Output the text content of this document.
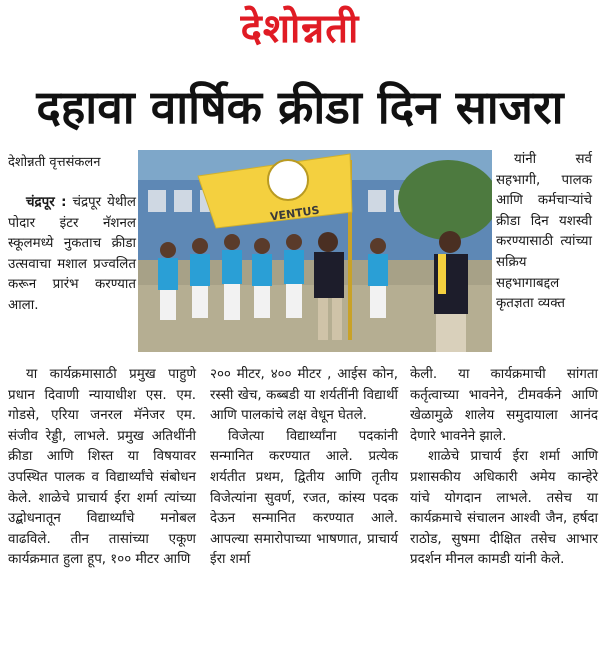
देशोन्नती
दहावा वार्षिक क्रीडा दिन साजरा
देशोन्नती वृत्तसंकलन

चंद्रपूर : चंद्रपूर येथील पोदार इंटर नॅशनल स्कूलमध्ये नुकताच क्रीडा उत्सवाचा मशाल प्रज्वलित करून प्रारंभ करण्यात आला.

यांनी सर्व सहभागी, पालक आणि कर्मचाऱ्यांचे क्रीडा दिन यशस्वी करण्यासाठी त्यांच्या सक्रिय सहभागाबद्दल कृतज्ञता व्यक्त

VENTUS

या कार्यक्रमासाठी प्रमुख पाहुणे प्रधान दिवाणी न्यायाधीश एस. एम. गोडसे, एरिया जनरल मॅनेजर एम. संजीव रेड्डी, लाभले. प्रमुख अतिथींनी क्रीडा आणि शिस्त या विषयावर उपस्थित पालक व विद्यार्थ्यांचे संबोधन केले. शाळेचे प्राचार्य ईरा शर्मा त्यांच्या उद्बोधनातून विद्यार्थ्यांचे मनोबल वाढविले. तीन तासांच्या एकूण कार्यक्रमात हुला हूप, १०० मीटर आणि

२०० मीटर, ४०० मीटर , आईस कोन, रस्सी खेच, कब्बडी या शर्यतींनी विद्यार्थी आणि पालकांचे लक्ष वेधून घेतले.

विजेत्या विद्यार्थ्यांना पदकांनी सन्मानित करण्यात आले. प्रत्येक शर्यतीत प्रथम, द्वितीय आणि तृतीय विजेत्यांना सुवर्ण, रजत, कांस्य पदक देऊन सन्मानित करण्यात आले. आपल्या समारोपाच्या भाषणात, प्राचार्य ईरा शर्मा

केली. या कार्यक्रमाची सांगता कर्तृत्वाच्या भावनेने, टीमवर्कने आणि खेळामुळे शालेय समुदायाला आनंद देणारे भावनेने झाले.

शाळेचे प्राचार्य ईरा शर्मा आणि प्रशासकीय अधिकारी अमेय कान्हेरे यांचे योगदान लाभले. तसेच या कार्यक्रमाचे संचालन आश्वी जैन, हर्षदा राठोड, सुषमा दीक्षित तसेच आभार प्रदर्शन मीनल कामडी यांनी केले.
